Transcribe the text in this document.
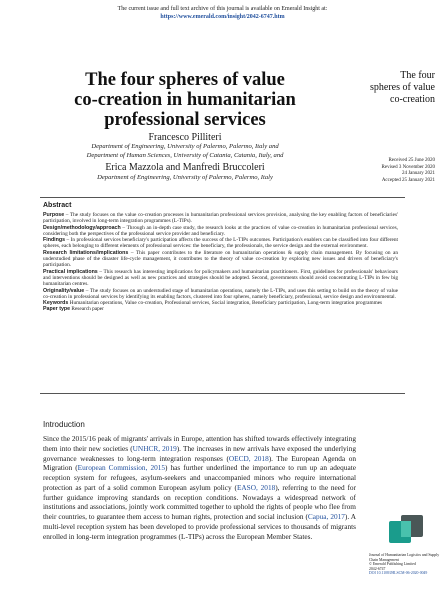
The current issue and full text archive of this journal is available on Emerald Insight at:
https://www.emerald.com/insight/2042-6747.htm
The four spheres of value
co-creation in humanitarian
professional services
The four
spheres of value
co-creation
Francesco Pilliteri
Department of Engineering, University of Palermo, Palermo, Italy and
Department of Human Sciences, University of Catania, Catania, Italy, and
Erica Mazzola and Manfredi Bruccoleri
Department of Engineering, University of Palermo, Palermo, Italy
Received 25 June 2020
Revised 3 November 2020
24 January 2021
Accepted 25 January 2021
Abstract

Purpose – The study focuses on the value co-creation processes in humanitarian professional services provision, analysing the key enabling factors of beneficiaries' participation, involved in long-term integration programmes (L-TIPs).

Design/methodology/approach – Through an in-depth case study, the research looks at the practices of value co-creation in humanitarian professional services, considering both the perspectives of the professional service provider and beneficiary.

Findings – In professional services beneficiary's participation affects the success of the L-TIPs outcomes. Participation's enablers can be classified into four different spheres, each belonging to different elements of professional services: the beneficiary, the professionals, the service design and the external environment.

Research limitations/implications – This paper contributes to the literature on humanitarian operations & supply chain management. By focusing on an understudied phase of the disaster life-cycle management, it contributes to the theory of value co-creation by exploring new issues and drivers of beneficiary's participation.

Practical implications – This research has interesting implications for policymakers and humanitarian practitioners. First, guidelines for professionals' behaviours and interventions should be designed as well as new practices and strategies should be adopted. Second, governments should avoid concentrating L-TIPs in few big humanitarian centres.

Originality/value – The study focuses on an understudied stage of humanitarian operations, namely the L-TIPs, and uses this setting to build on the theory of value co-creation in professional services by identifying its enabling factors, clustered into four spheres, namely beneficiary, professional, service design and environmental.

Keywords Humanitarian operations, Value co-creation, Professional services, Social integration, Beneficiary participation, Long-term integration programmes

Paper type Research paper

Introduction

Since the 2015/16 peak of migrants' arrivals in Europe, attention has shifted towards effectively integrating them into their new societies (UNHCR, 2019). The increases in new arrivals have exposed the underlying governance weaknesses to long-term integration responses (OECD, 2018). The European Agenda on Migration (European Commission, 2015) has further underlined the importance to run up an adequate reception system for refugees, asylum-seekers and unaccompanied minors who require international protection as part of a solid common European asylum policy (EASO, 2018), referring to the need for further guidance improving standards on reception conditions. Nowadays a widespread network of institutions and associations, jointly work committed together to uphold the rights of people who flee from their countries, to guarantee them access to human rights, protection and social inclusion (Capua, 2017). A multi-level reception system has been developed to provide professional services to thousands of migrants enrolled in long-term integration programmes (L-TIPs) across the European Member States.

Journal of Humanitarian Logistics and Supply Chain Management
© Emerald Publishing Limited
2042-6747
DOI 10.1108/JHLSCM-06-2020-0049
